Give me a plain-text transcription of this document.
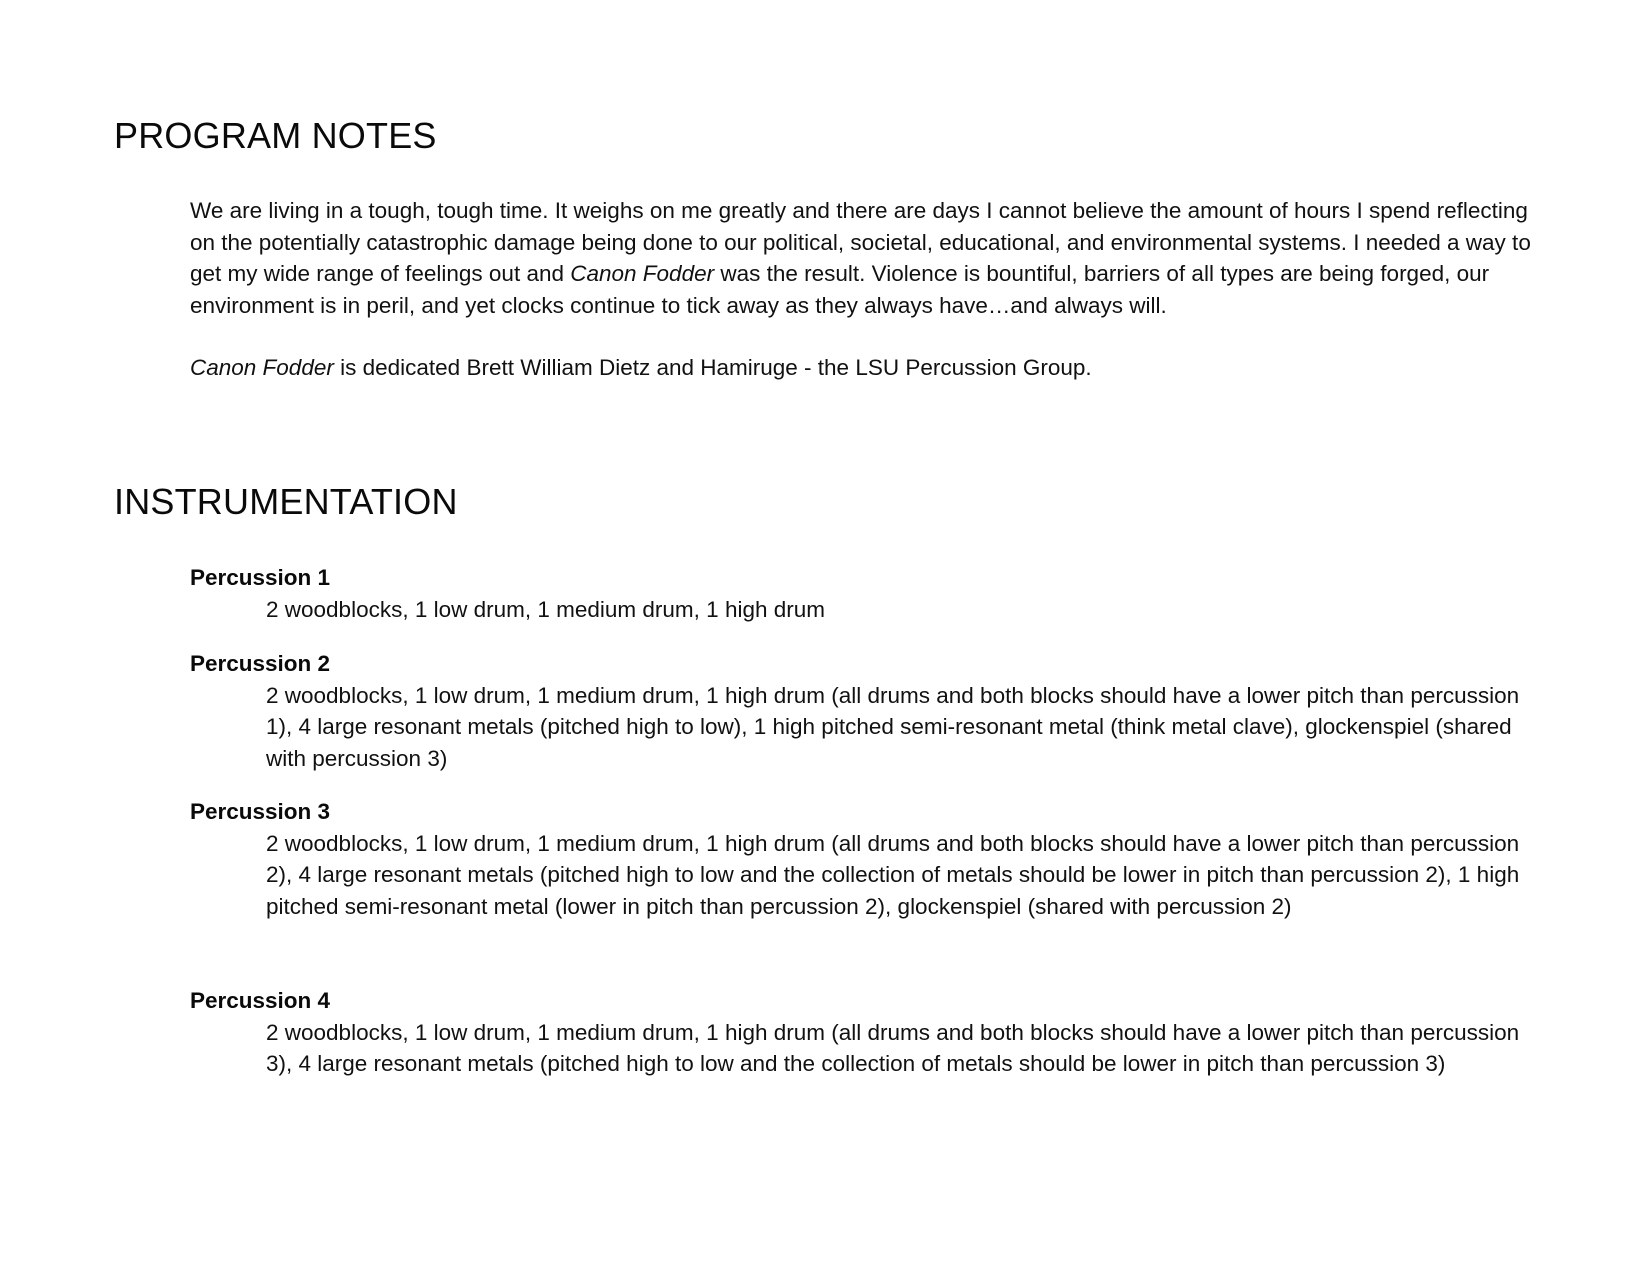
PROGRAM NOTES

We are living in a tough, tough time. It weighs on me greatly and there are days I cannot believe the amount of hours I spend reflecting on the potentially catastrophic damage being done to our political, societal, educational, and environmental systems. I needed a way to get my wide range of feelings out and Canon Fodder was the result. Violence is bountiful, barriers of all types are being forged, our environment is in peril, and yet clocks continue to tick away as they always have…and always will.

Canon Fodder is dedicated Brett William Dietz and Hamiruge - the LSU Percussion Group.

INSTRUMENTATION
Percussion 1
2 woodblocks, 1 low drum, 1 medium drum, 1 high drum
Percussion 2
2 woodblocks, 1 low drum, 1 medium drum, 1 high drum (all drums and both blocks should have a lower pitch than percussion 1), 4 large resonant metals (pitched high to low), 1 high pitched semi-resonant metal (think metal clave), glockenspiel (shared with percussion 3)
Percussion 3
2 woodblocks, 1 low drum, 1 medium drum, 1 high drum (all drums and both blocks should have a lower pitch than percussion 2), 4 large resonant metals (pitched high to low and the collection of metals should be lower in pitch than percussion 2), 1 high pitched semi-resonant metal (lower in pitch than percussion 2), glockenspiel (shared with percussion 2)
Percussion 4
2 woodblocks, 1 low drum, 1 medium drum, 1 high drum (all drums and both blocks should have a lower pitch than percussion 3), 4 large resonant metals (pitched high to low and the collection of metals should be lower in pitch than percussion 3)
